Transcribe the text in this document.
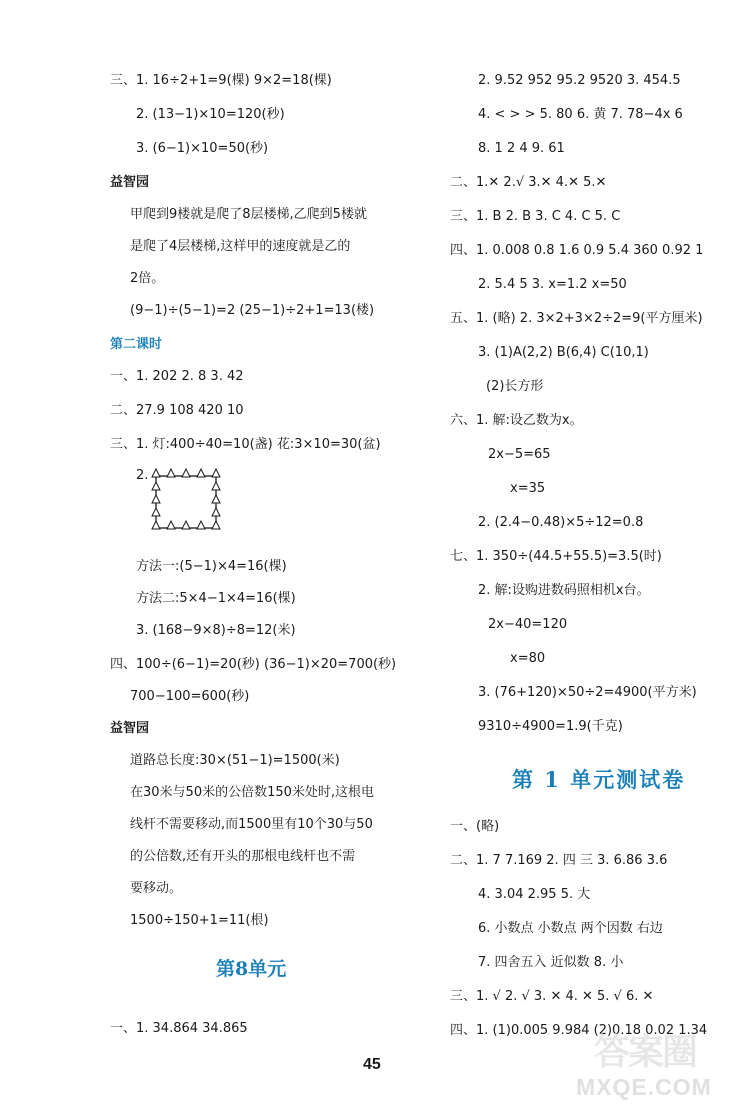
三、1. 16÷2+1=9(棵) 9×2=18(棵)
2. (13−1)×10=120(秒)
3. (6−1)×10=50(秒)
益智园
甲爬到9楼就是爬了8层楼梯,乙爬到5楼就
是爬了4层楼梯,这样甲的速度就是乙的
2倍。
(9−1)÷(5−1)=2 (25−1)÷2+1=13(楼)
第二课时
一、1. 202 2. 8 3. 42
二、27.9 108 420 10
三、1. 灯:400÷40=10(盏) 花:3×10=30(盆)
2.
方法一:(5−1)×4=16(棵)
方法二:5×4−1×4=16(棵)
3. (168−9×8)÷8=12(米)
四、100÷(6−1)=20(秒) (36−1)×20=700(秒)
700−100=600(秒)
益智园
道路总长度:30×(51−1)=1500(米)
在30米与50米的公倍数150米处时,这根电
线杆不需要移动,而1500里有10个30与50
的公倍数,还有开头的那根电线杆也不需
要移动。
1500÷150+1=11(根)
第8单元
一、1. 34.864 34.865
2. 9.52 952 95.2 9520 3. 454.5
4. < > > 5. 80 6. 黄 7. 78−4x 6
8. 1 2 4 9. 61
二、1.✕ 2.√ 3.✕ 4.✕ 5.✕
三、1. B 2. B 3. C 4. C 5. C
四、1. 0.008 0.8 1.6 0.9 5.4 360 0.92 1
2. 5.4 5 3. x=1.2 x=50
五、1. (略) 2. 3×2+3×2÷2=9(平方厘米)
3. (1)A(2,2) B(6,4) C(10,1)
(2)长方形
六、1. 解:设乙数为x。
2x−5=65
x=35
2. (2.4−0.48)×5÷12=0.8
七、1. 350÷(44.5+55.5)=3.5(时)
2. 解:设购进数码照相机x台。
2x−40=120
x=80
3. (76+120)×50÷2=4900(平方米)
9310÷4900=1.9(千克)
第 1 单元测试卷
一、(略)
二、1. 7 7.169 2. 四 三 3. 6.86 3.6
4. 3.04 2.95 5. 大
6. 小数点 小数点 两个因数 右边
7. 四舍五入 近似数 8. 小
三、1. √ 2. √ 3. ✕ 4. ✕ 5. √ 6. ✕
四、1. (1)0.005 9.984 (2)0.18 0.02 1.34
45	答案圈
MXQE.COM
